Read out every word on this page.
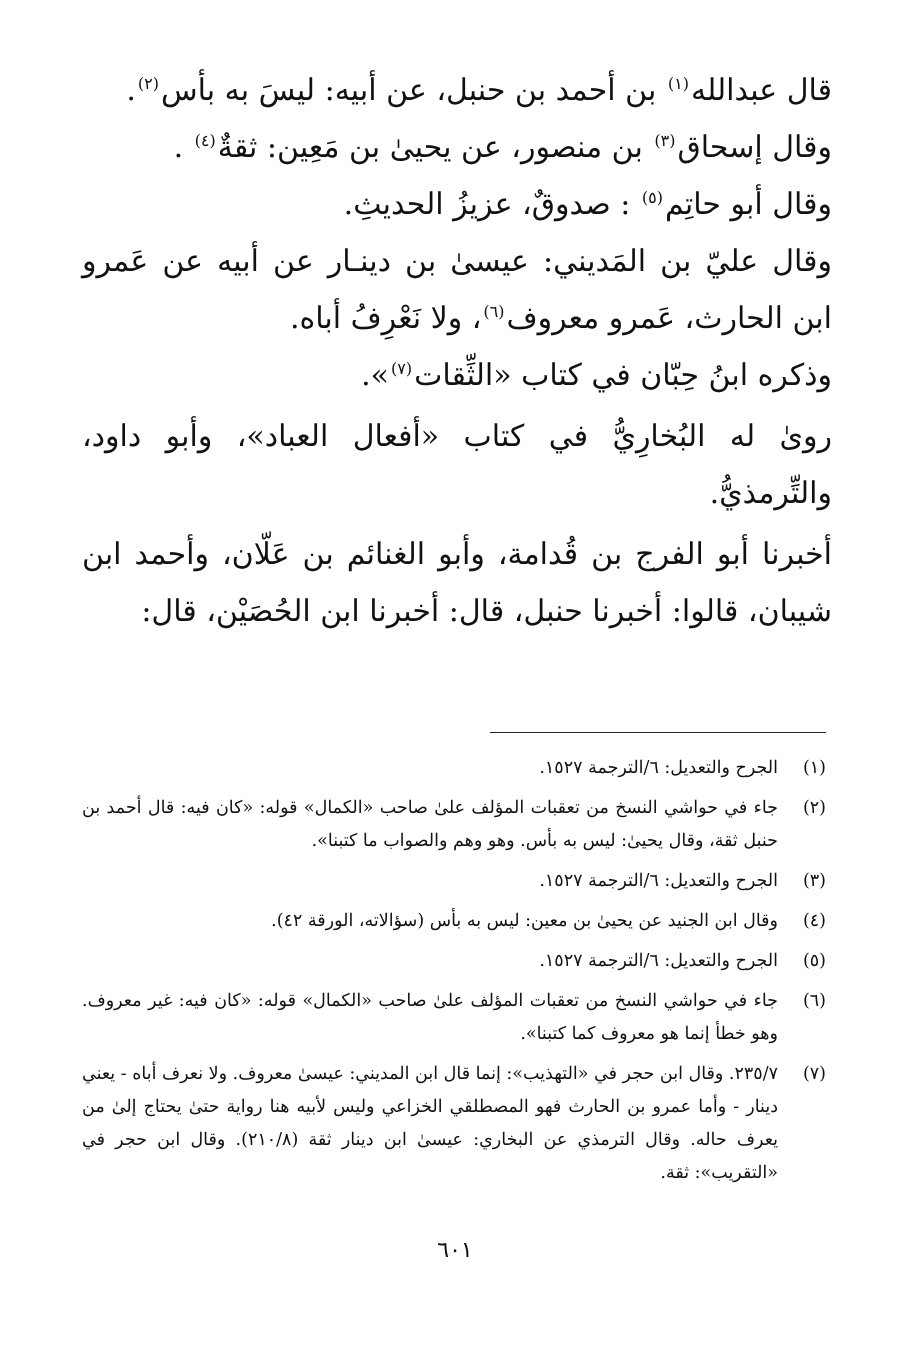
قال عبدالله$^{(١)}$ بن أحمد بن حنبل، عن أبيه: ليسَ به بأس$^{(٢)}$.

وقال إسحاق$^{(٣)}$ بن منصور، عن يحيىٰ بن مَعِين: ثقةٌ$^{(٤)}$ .

وقال أبو حاتِم$^{(٥)}$ : صدوقٌ، عزيزُ الحديثِ.

وقال عليّ بن المَديني: عيسىٰ بن دينـار عن أبيه عن عَمرو ابن الحارث، عَمرو معروف$^{(٦)}$، ولا نَعْرِفُ أباه.

وذكره ابنُ حِبّان في كتاب «الثِّقات$^{(٧)}$».

رویٰ له البُخارِيُّ في كتاب «أفعال العباد»، وأبو داود، والتِّرمذيُّ.

أخبرنا أبو الفرج بن قُدامة، وأبو الغنائم بن عَلّان، وأحمد ابن شيبان، قالوا: أخبرنا حنبل، قال: أخبرنا ابن الحُصَيْن، قال:

(١)
الجرح والتعديل: ٦/الترجمة ١٥٢٧.
(٢)
جاء في حواشي النسخ من تعقبات المؤلف علىٰ صاحب «الكمال» قوله: «كان فيه: قال أحمد بن حنبل ثقة، وقال يحيىٰ: ليس به بأس. وهو وهم والصواب ما كتبنا».
(٣)
الجرح والتعديل: ٦/الترجمة ١٥٢٧.
(٤)
وقال ابن الجنيد عن يحيىٰ بن معين: ليس به بأس (سؤالاته، الورقة ٤٢).
(٥)
الجرح والتعديل: ٦/الترجمة ١٥٢٧.
(٦)
جاء في حواشي النسخ من تعقبات المؤلف علىٰ صاحب «الكمال» قوله: «كان فيه: غير معروف. وهو خطأ إنما هو معروف كما كتبنا».
(٧)
٢٣٥/٧. وقال ابن حجر في «التهذيب»: إنما قال ابن المديني: عيسىٰ معروف. ولا نعرف أباه - يعني دينار - وأما عمرو بن الحارث فهو المصطلقي الخزاعي وليس لأبيه هنا رواية حتىٰ يحتاج إلىٰ من يعرف حاله. وقال الترمذي عن البخاري: عيسىٰ ابن دينار ثقة (٢١٠/٨). وقال ابن حجر في «التقريب»: ثقة.
٦٠١
